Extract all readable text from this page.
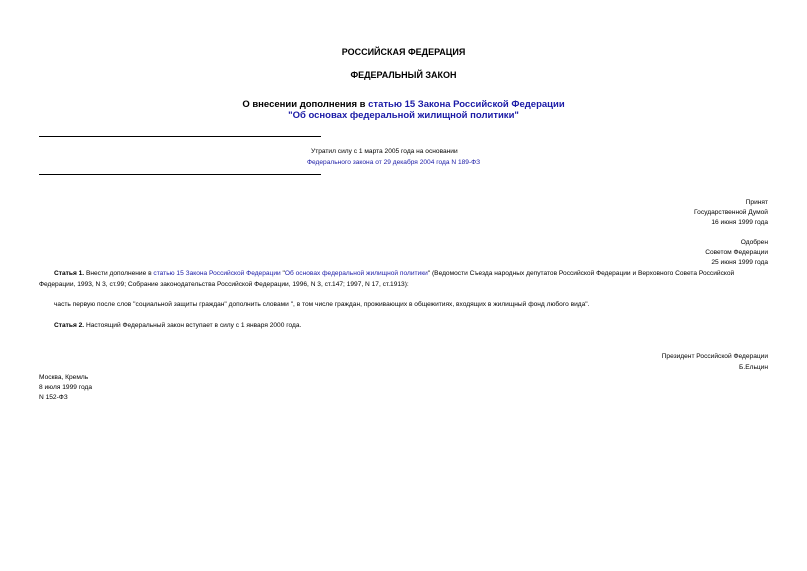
РОССИЙСКАЯ ФЕДЕРАЦИЯ
ФЕДЕРАЛЬНЫЙ ЗАКОН
О внесении дополнения в статью 15 Закона Российской Федерации
"Об основах федеральной жилищной политики"
Утратил силу с 1 марта 2005 года на основании
Федерального закона от 29 декабря 2004 года N 189-ФЗ
Принят
Государственной Думой
16 июня 1999 года
Одобрен
Советом Федерации
25 июня 1999 года
Статья 1. Внести дополнение в статью 15 Закона Российской Федерации "Об основах федеральной жилищной политики" (Ведомости Съезда народных депутатов Российской Федерации и Верховного Совета Российской Федерации, 1993, N 3, ст.99; Собрание законодательства Российской Федерации, 1996, N 3, ст.147; 1997, N 17, ст.1913):
часть первую после слов "социальной защиты граждан" дополнить словами ", в том числе граждан, проживающих в общежитиях, входящих в жилищный фонд любого вида".
Статья 2. Настоящий Федеральный закон вступает в силу с 1 января 2000 года.
Президент Российской Федерации
Б.Ельцин
Москва, Кремль
8 июля 1999 года
N 152-ФЗ
